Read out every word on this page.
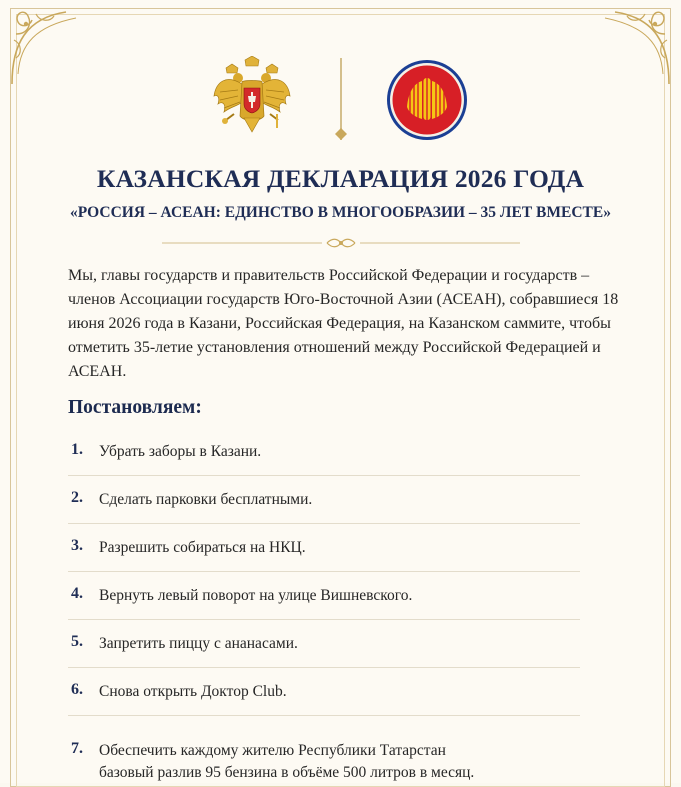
КАЗАНСКАЯ ДЕКЛАРАЦИЯ 2026 ГОДА
«РОССИЯ – АСЕАН: ЕДИНСТВО В МНОГООБРАЗИИ – 35 ЛЕТ ВМЕСТЕ»
Мы, главы государств и правительств Российской Федерации и государств – членов Ассоциации государств Юго-Восточной Азии (АСЕАН), собравшиеся 18 июня 2026 года в Казани, Российская Федерация, на Казанском саммите, чтобы отметить 35-летие установления отношений между Российской Федерацией и АСЕАН.
Постановляем:
1. Убрать заборы в Казани.
2. Сделать парковки бесплатными.
3. Разрешить собираться на НКЦ.
4. Вернуть левый поворот на улице Вишневского.
5. Запретить пиццу с ананасами.
6. Снова открыть Доктор Club.
7. Обеспечить каждому жителю Республики Татарстан
базовый разлив 95 бензина в объёме 500 литров в месяц.
